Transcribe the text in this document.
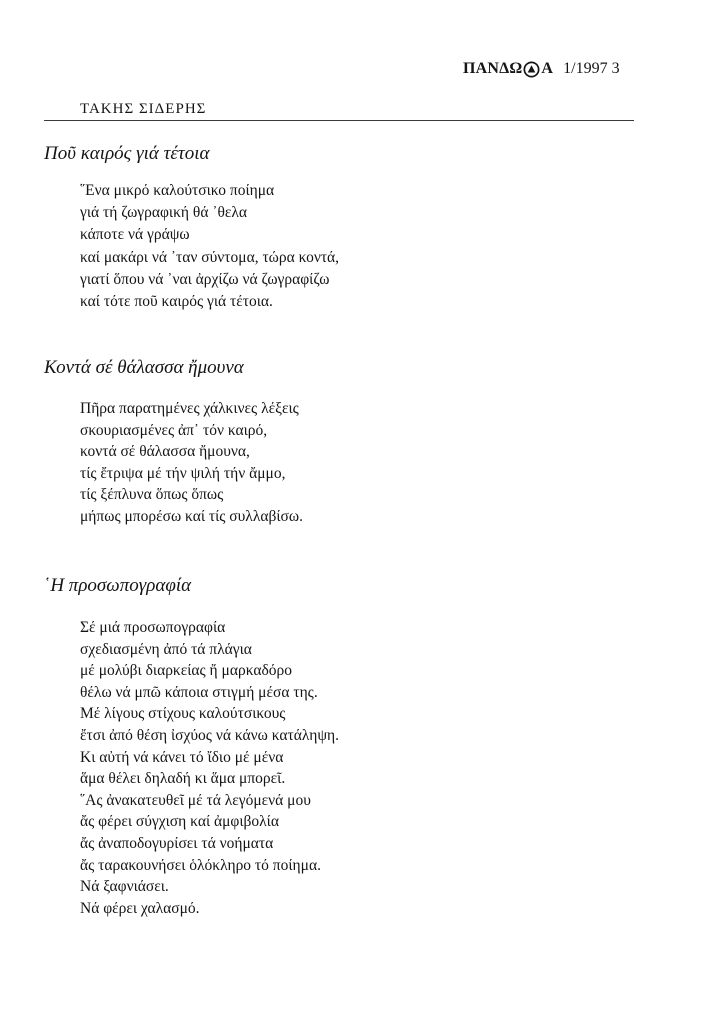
ΠΑΝΔΩ Α 1/1997 3
ΤΑΚΗΣ ΣΙΔΕΡΗΣ
Ποῦ καιρός γιά τέτοια
῞Ενα μικρό καλούτσικο ποίημα
γιά τή ζωγραφική θά ᾿θελα
κάποτε νά γράψω
καί μακάρι νά ᾿ταν σύντομα, τώρα κοντά,
γιατί ὅπου νά ᾿ναι ἀρχίζω νά ζωγραφίζω
καί τότε ποῦ καιρός γιά τέτοια.
Κοντά σέ θάλασσα ἤμουνα
Πῆρα παρατημένες χάλκινες λέξεις
σκουριασμένες ἀπ᾿ τόν καιρό,
κοντά σέ θάλασσα ἤμουνα,
τίς ἔτριψα μέ τήν ψιλή τήν ἄμμο,
τίς ξέπλυνα ὅπως ὅπως
μήπως μπορέσω καί τίς συλλαβίσω.
῾Η προσωπογραφία
Σέ μιά προσωπογραφία
σχεδιασμένη ἀπό τά πλάγια
μέ μολύβι διαρκείας ἤ μαρκαδόρο
θέλω νά μπῶ κάποια στιγμή μέσα της.
Μέ λίγους στίχους καλούτσικους
ἔτσι ἀπό θέση ἰσχύος νά κάνω κατάληψη.
Κι αὐτή νά κάνει τό ἴδιο μέ μένα
ἅμα θέλει δηλαδή κι ἅμα μπορεῖ.
῞Ας ἀνακατευθεῖ μέ τά λεγόμενά μου
ἄς φέρει σύγχιση καί ἀμφιβολία
ἄς ἀναποδογυρίσει τά νοήματα
ἄς ταρακουνήσει ὁλόκληρο τό ποίημα.
Νά ξαφνιάσει.
Νά φέρει χαλασμό.
